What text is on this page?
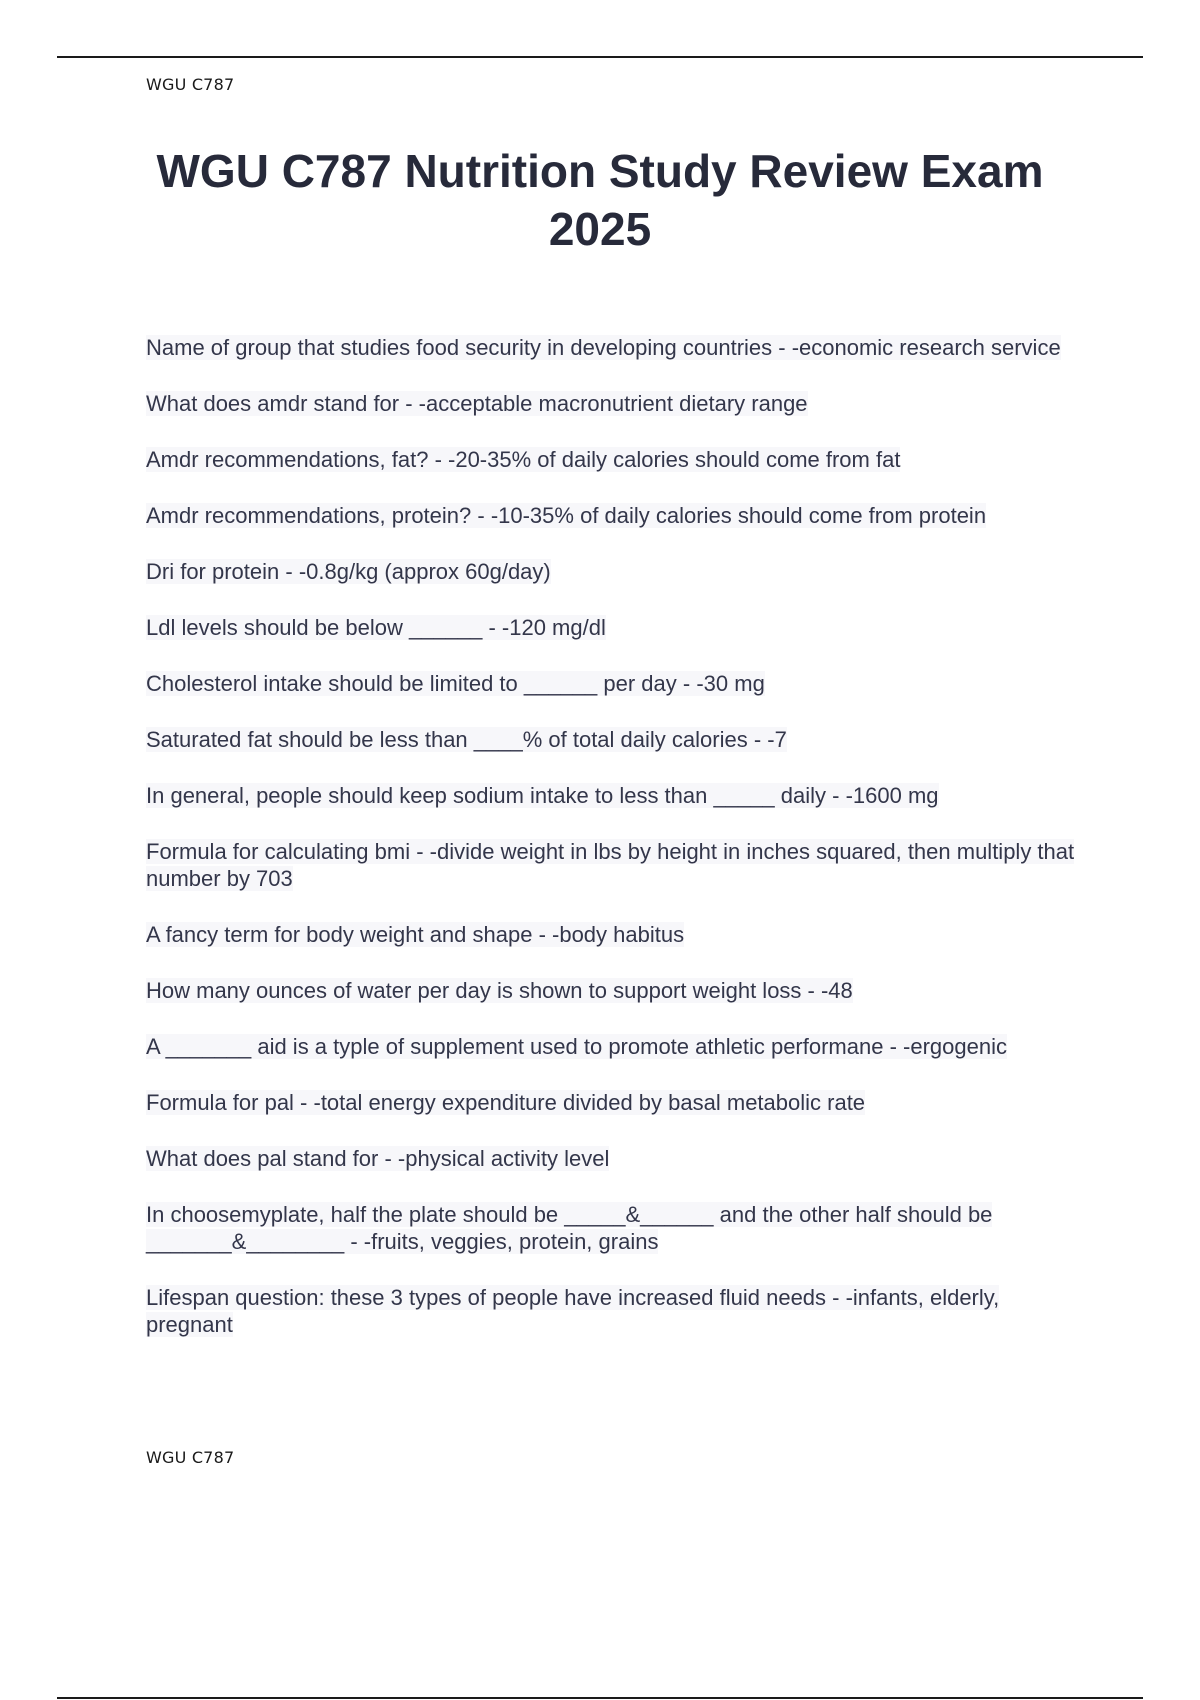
WGU C787
WGU C787 Nutrition Study Review Exam 2025
Name of group that studies food security in developing countries - -economic research service
What does amdr stand for - -acceptable macronutrient dietary range
Amdr recommendations, fat? - -20-35% of daily calories should come from fat
Amdr recommendations, protein? - -10-35% of daily calories should come from protein
Dri for protein - -0.8g/kg (approx 60g/day)
Ldl levels should be below ______ - -120 mg/dl
Cholesterol intake should be limited to ______ per day - -30 mg
Saturated fat should be less than ____% of total daily calories - -7
In general, people should keep sodium intake to less than _____ daily - -1600 mg
Formula for calculating bmi - -divide weight in lbs by height in inches squared, then multiply that number by 703
A fancy term for body weight and shape - -body habitus
How many ounces of water per day is shown to support weight loss - -48
A _______ aid is a typle of supplement used to promote athletic performane - -ergogenic
Formula for pal - -total energy expenditure divided by basal metabolic rate
What does pal stand for - -physical activity level
In choosemyplate, half the plate should be _____&______ and the other half should be _______&________ - -fruits, veggies, protein, grains
Lifespan question: these 3 types of people have increased fluid needs - -infants, elderly, pregnant
WGU C787
